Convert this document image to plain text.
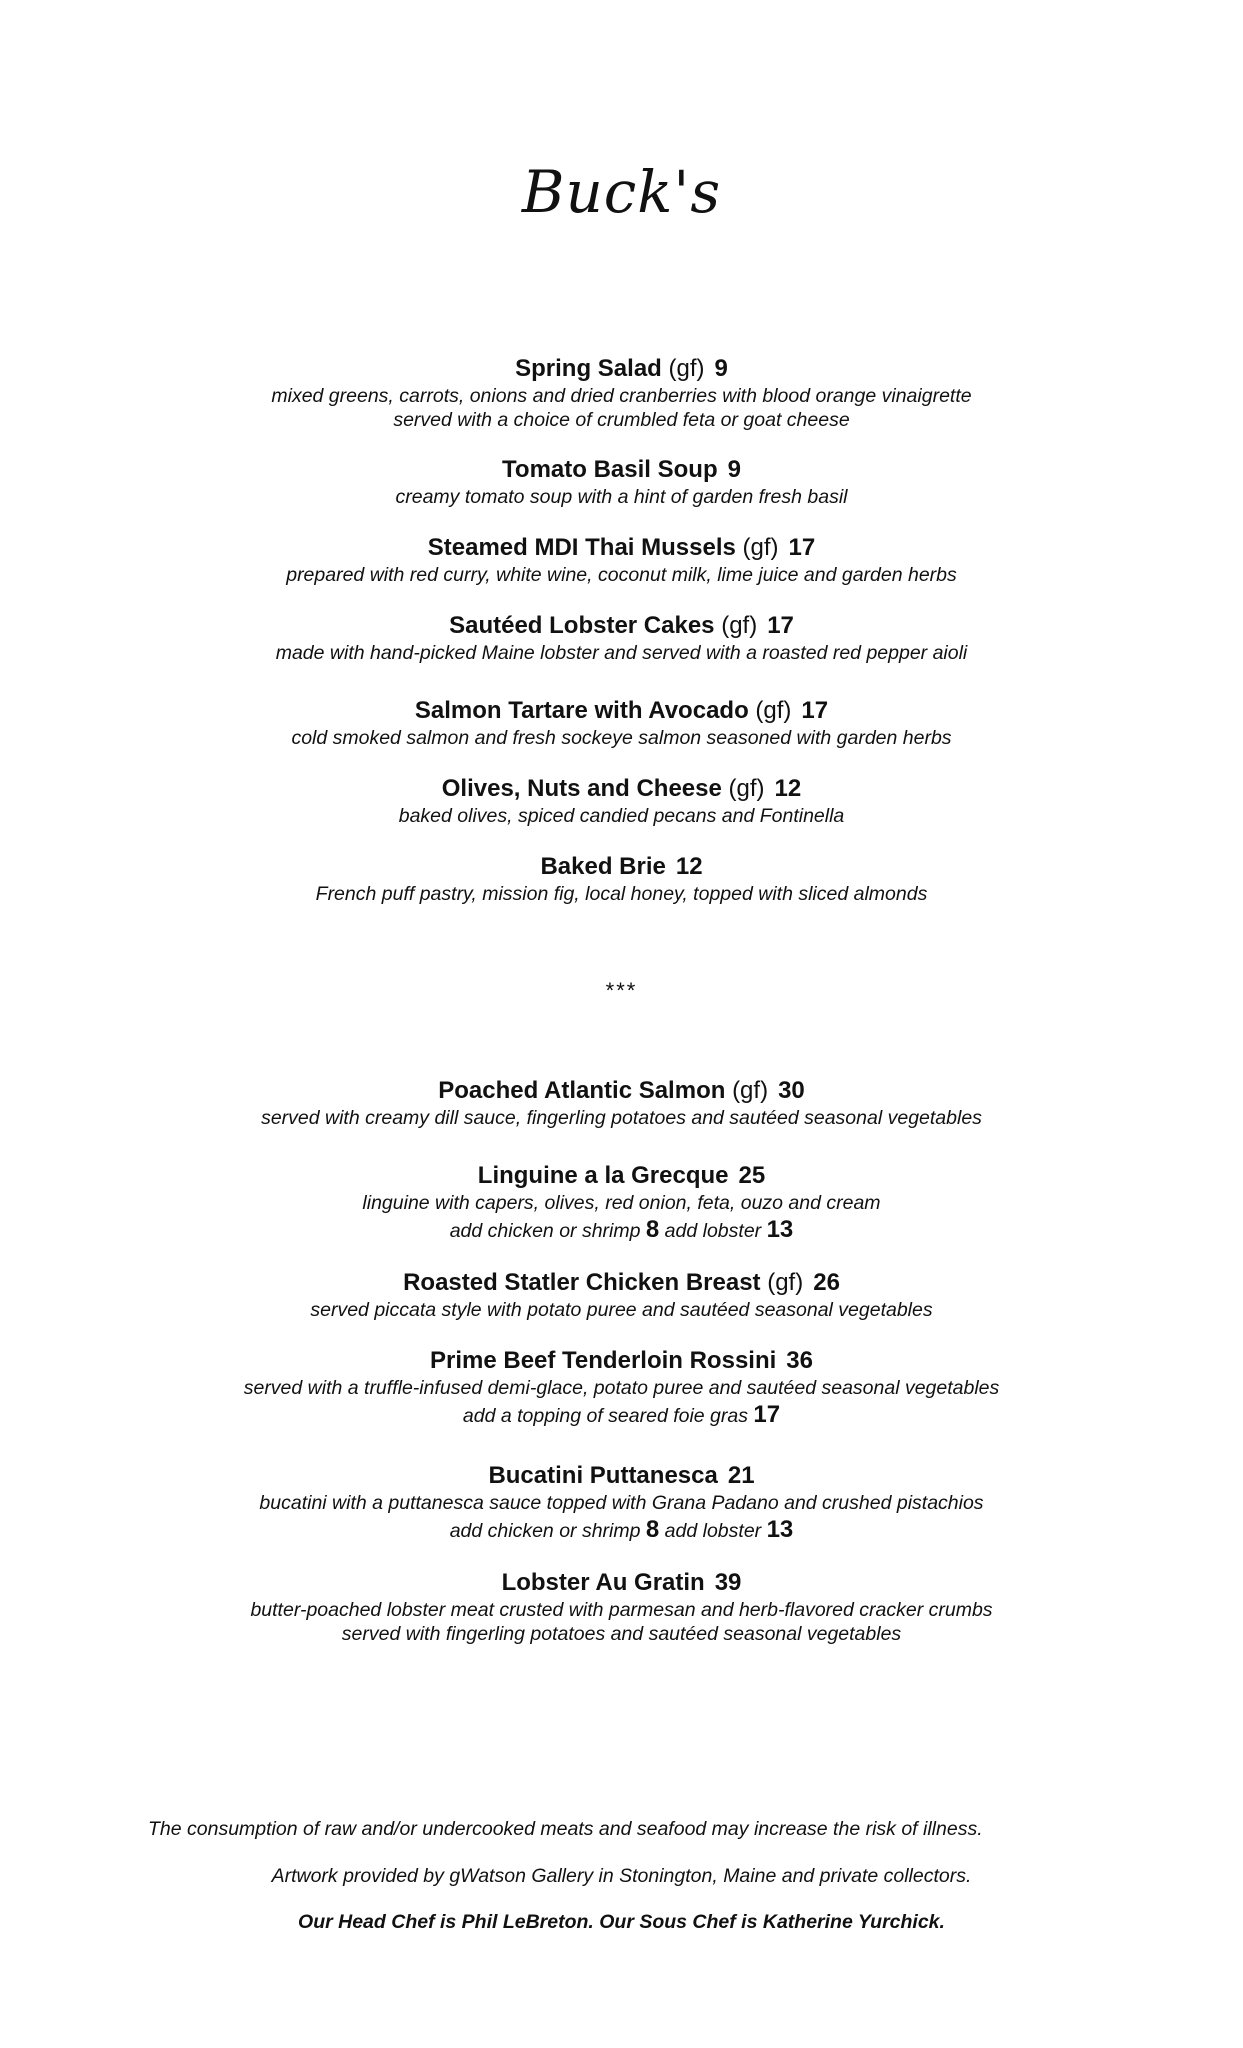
Buck's
Spring Salad (gf) 9
mixed greens, carrots, onions and dried cranberries with blood orange vinaigrette
served with a choice of crumbled feta or goat cheese
Tomato Basil Soup 9
creamy tomato soup with a hint of garden fresh basil
Steamed MDI Thai Mussels (gf) 17
prepared with red curry, white wine, coconut milk, lime juice and garden herbs
Sautéed Lobster Cakes (gf) 17
made with hand-picked Maine lobster and served with a roasted red pepper aioli
Salmon Tartare with Avocado (gf) 17
cold smoked salmon and fresh sockeye salmon seasoned with garden herbs
Olives, Nuts and Cheese (gf) 12
baked olives, spiced candied pecans and Fontinella
Baked Brie 12
French puff pastry, mission fig, local honey, topped with sliced almonds
***
Poached Atlantic Salmon (gf) 30
served with creamy dill sauce, fingerling potatoes and sautéed seasonal vegetables
Linguine a la Grecque 25
linguine with capers, olives, red onion, feta, ouzo and cream
add chicken or shrimp 8 add lobster 13
Roasted Statler Chicken Breast (gf) 26
served piccata style with potato puree and sautéed seasonal vegetables
Prime Beef Tenderloin Rossini 36
served with a truffle-infused demi-glace, potato puree and sautéed seasonal vegetables
add a topping of seared foie gras 17
Bucatini Puttanesca 21
bucatini with a puttanesca sauce topped with Grana Padano and crushed pistachios
add chicken or shrimp 8 add lobster 13
Lobster Au Gratin 39
butter-poached lobster meat crusted with parmesan and herb-flavored cracker crumbs
served with fingerling potatoes and sautéed seasonal vegetables
The consumption of raw and/or undercooked meats and seafood may increase the risk of illness.
Artwork provided by gWatson Gallery in Stonington, Maine and private collectors.
Our Head Chef is Phil LeBreton. Our Sous Chef is Katherine Yurchick.
